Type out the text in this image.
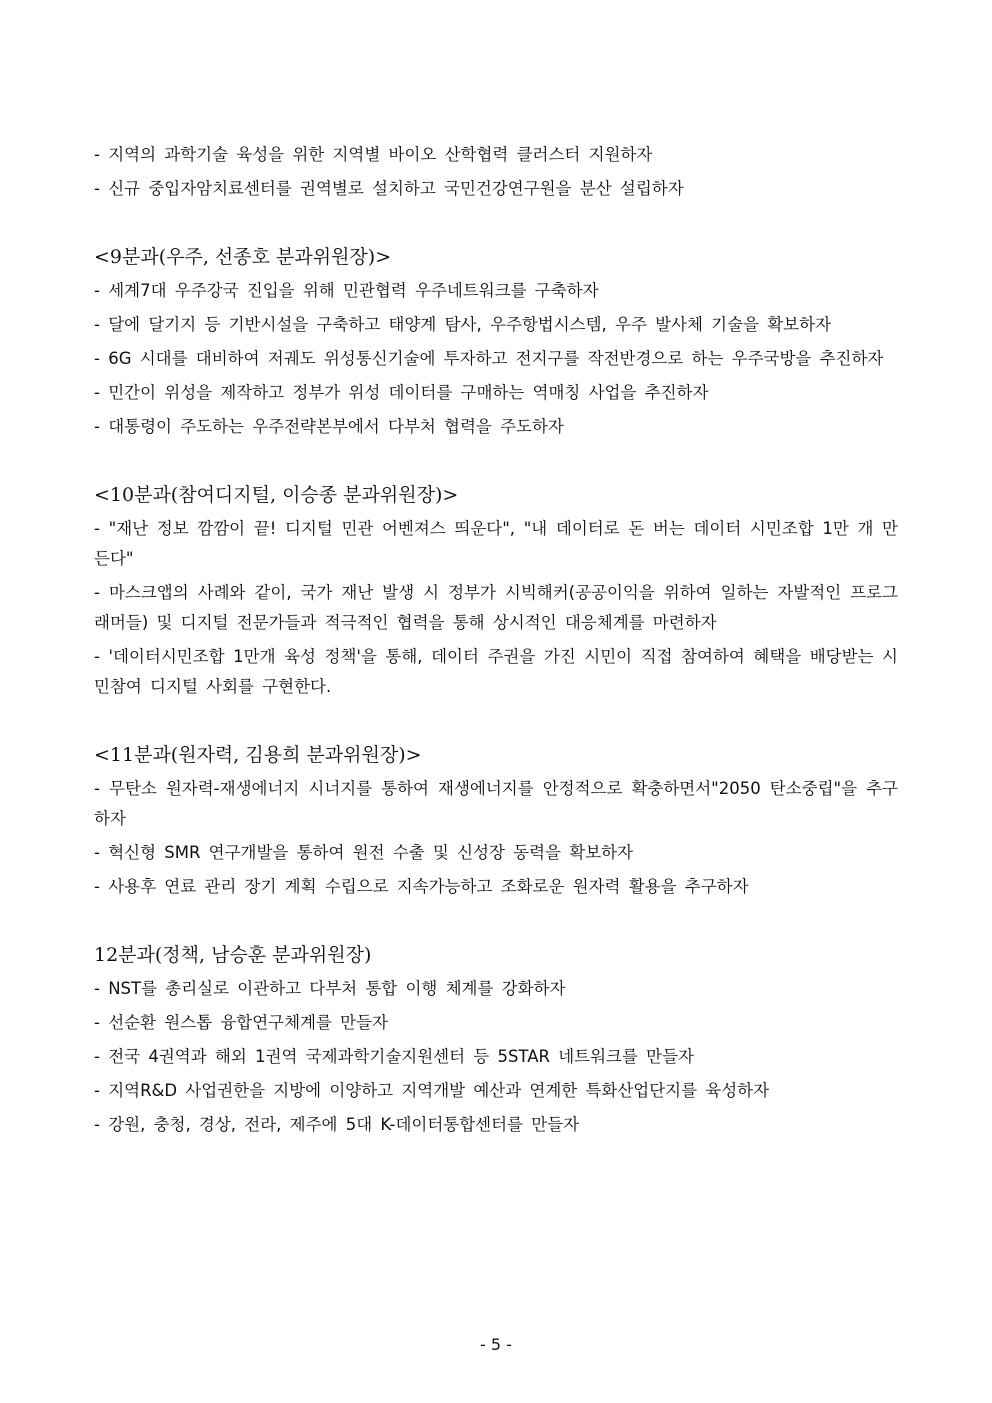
- 지역의 과학기술 육성을 위한 지역별 바이오 산학협력 클러스터 지원하자

- 신규 중입자암치료센터를 권역별로 설치하고 국민건강연구원을 분산 설립하자

<9분과(우주, 선종호 분과위원장)>

- 세계7대 우주강국 진입을 위해 민관협력 우주네트워크를 구축하자

- 달에 달기지 등 기반시설을 구축하고 태양계 탐사, 우주항법시스템, 우주 발사체 기술을 확보하자

- 6G 시대를 대비하여 저궤도 위성통신기술에 투자하고 전지구를 작전반경으로 하는 우주국방을 추진하자

- 민간이 위성을 제작하고 정부가 위성 데이터를 구매하는 역매칭 사업을 추진하자

- 대통령이 주도하는 우주전략본부에서 다부처 협력을 주도하자

<10분과(참여디지털, 이승종 분과위원장)>

- "재난 정보 깜깜이 끝! 디지털 민관 어벤져스 띄운다", "내 데이터로 돈 버는 데이터 시민조합 1만 개 만든다"

- 마스크앱의 사례와 같이, 국가 재난 발생 시 정부가 시빅해커(공공이익을 위하여 일하는 자발적인 프로그래머들) 및 디지털 전문가들과 적극적인 협력을 통해 상시적인 대응체계를 마련하자

- '데이터시민조합 1만개 육성 정책'을 통해, 데이터 주권을 가진 시민이 직접 참여하여 혜택을 배당받는 시민참여 디지털 사회를 구현한다.

<11분과(원자력, 김용희 분과위원장)>

- 무탄소 원자력-재생에너지 시너지를 통하여 재생에너지를 안정적으로 확충하면서"2050 탄소중립"을 추구하자

- 혁신형 SMR 연구개발을 통하여 원전 수출 및 신성장 동력을 확보하자

- 사용후 연료 관리 장기 계획 수립으로 지속가능하고 조화로운 원자력 활용을 추구하자

12분과(정책, 남승훈 분과위원장)

- NST를 총리실로 이관하고 다부처 통합 이행 체계를 강화하자

- 선순환 원스톱 융합연구체계를 만들자

- 전국 4권역과 해외 1권역 국제과학기술지원센터 등 5STAR 네트워크를 만들자

- 지역R&D 사업권한을 지방에 이양하고 지역개발 예산과 연계한 특화산업단지를 육성하자

- 강원, 충청, 경상, 전라, 제주에 5대 K-데이터통합센터를 만들자

- 5 -
